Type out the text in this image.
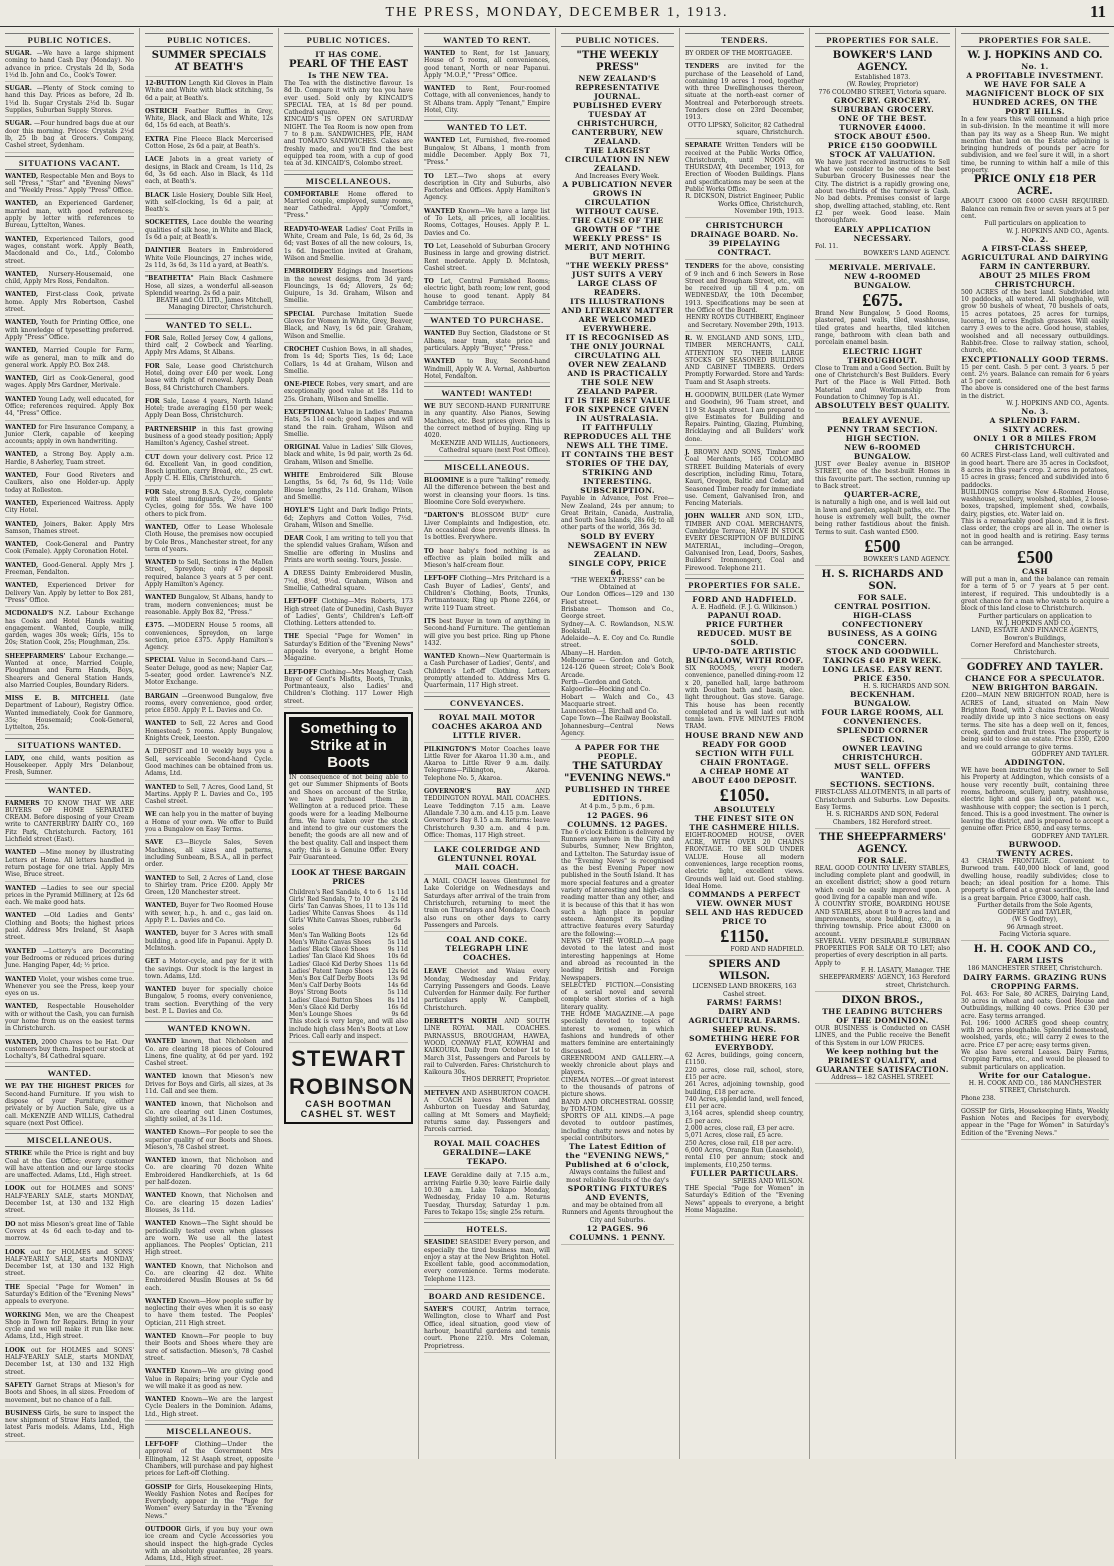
THE PRESS, MONDAY, DECEMBER 1, 1913.	11
PUBLIC NOTICES.

SUGAR. —We have a large shipment coming to hand Cash Day (Monday). No advance in price. Crystals 2d lb, Soda 1½d lb. John and Co., Cook's Tower.

SUGAR. —Plenty of Stock coming to hand this Day. Prices as before, 2d lb. 1½d lb. Sugar Crystals 2½d lb. Sugar Supplies, Suburban Supply Stores.

SUGAR. —Four hundred bags due at our door this morning. Prices: Crystals 2½d lb, 25 lb bag at Grocers. Company, Cashel street, Sydenham.

SITUATIONS VACANT.

WANTED, Respectable Men and Boys to sell "Press," "Star" and "Evening News" and "Weekly Press." Apply "Press" Office.

WANTED, an Experienced Gardener, married man, with good references; apply by letter with references to Bureau, Lyttelton, Wanes.

WANTED, Experienced Tailors, good wages, constant work. Apply Beath, Macdonald and Co., Ltd., Colombo street.

WANTED, Nursery-Housemaid, one child, Apply Mrs Ross, Fendalton.

WANTED, First-class Cook, private home. Apply Mrs Robertson, Cashel street.

WANTED, Youth for Printing Office, one with knowledge of typesetting preferred. Apply "Press" Office.

WANTED, Married Couple for Farm, wife as general, man to milk and do general work. Apply P.O. Box 248.

WANTED, Girl as Cook-General, good wages. Apply Mrs Gardner, Merivale.

WANTED Young Lady, well educated, for Office; references required. Apply Box 44, "Press" Office.

WANTED for Fire Insurance Company, a Junior Clerk, capable of keeping accounts; apply in own handwriting.

WANTED, a Strong Boy. Apply a.m. Hardie, 8 Asherley, Tuam street.

WANTED, Four Good Riveters and Caulkers, also one Holder-up. Apply today at Rolleston.

WANTED, Experienced Waitress. Apply City Hotel.

WANTED, Joiners, Baker. Apply Mrs Samson, Thames street.

WANTED, Cook-General and Pantry Cook (Female). Apply Coronation Hotel.

WANTED, Good-General. Apply Mrs J. Freeman, Fendalton.

WANTED, Experienced Driver for Delivery Van. Apply by letter to Box 281, "Press" Office.

MCDONALD'S N.Z. Labour Exchange has Cooks and Hotel Hands waiting engagement. Wanted, Couple, milk, garden, wages 30s week; Girls, 15s to 20s; Station Cook, 25s; Ploughman, 25s.

SHEEPFARMERS' Labour Exchange.—Wanted at once, Married Couple, Ploughman and Farm Hands, Boys, Shearers and General Station Hands, also Married Couples, Boundary Riders.

MISS E. B. MITCHELL (late Department of Labour), Registry Office. Wanted immediately, Cook for Ganmore, 35s; Housemaid; Cook-General, Lyttelton, 25s.

SITUATIONS WANTED.

LADY, one child, wants position as Housekeeper. Apply Mrs Delanbour, Fresh, Sumner.

WANTED.

FARMERS TO KNOW THAT WE ARE BUYERS OF HOME SEPARATED CREAM. Before disposing of your Cream write to CANTERBURY DAIRY CO., 169 Fitz Park, Christchurch. Factory, 161 Lichfield street (East).

WANTED —Mine money by illustrating Letters at Home. All letters handled in return postage for one trial. Apply Mrs Wise, Bruce street.

WANTED —Ladies to see our special prices in the Pyramid Millinery, at 12s 6d each. We make good hats.

WANTED —Old Ladies and Gents' Clothing and Boots; the highest prices paid. Address Mrs Ireland, St Asaph street.

WANTED —Lottery's are Decorating your Bedrooms or reduced prices during June. Hanging Paper, 4d; ½ price.

WANTED Violet, your wishes come true. Whenever you see the Press, keep your eyes on us.

WANTED, Respectable Householder with or without the Cash, you can furnish your home from us on the easiest terms in Christchurch.

WANTED, 2000 Chaves to be Hat. Our customers buy them. Inspect our stock at Lochalty's, 84 Cathedral square.

WANTED.

WE PAY THE HIGHEST PRICES for Second-hand Furniture. If you wish to dispose of your Furniture, either privately or by Auction Sale, give us a call. McKENZIE AND WILLIS, Cathedral square (next Post Office).

MISCELLANEOUS.

STRIKE while the Price is right and buy Coal at the Gas Office; every customer will have attention and our large stocks are unaffected. Adams, Ltd., High street.

LOOK out for HOLMES and SONS' HALF-YEARLY SALE, starts MONDAY, December 1st, at 130 and 132 High street.

DO not miss Mieson's great line of Table Covers at 4s 6d each to-day and to-morrow.

LOOK out for HOLMES and SONS' HALF-YEARLY SALE, starts MONDAY, December 1st, at 130 and 132 High street.

THE Special "Page for Women" in Saturday's Edition of the "Evening News" appeals to everyone.

WORKING Men, we are the Cheapest Shop in Town for Repairs. Bring in your cycle and we will make it run like new. Adams, Ltd., High street.

LOOK out for HOLMES and SONS' HALF-YEARLY SALE, starts MONDAY, December 1st, at 130 and 132 High street.

SAFETY Garnet Straps at Mieson's for Boots and Shoes, in all sizes. Freedom of movement, but no chance of a fall.

BUSINESS Girls, be sure to inspect the new shipment of Straw Hats landed, the latest Paris models. Adams, Ltd., High street.

PUBLIC NOTICES.
SUMMER SPECIALS AT BEATH'S

12-BUTTON Length Kid Gloves in Plain White and White with black stitching, 5s 6d a pair, at Beath's.

OSTRICH Feather Ruffles in Grey, White, Black, and Black and White, 12s 6d, 15s 6d each, at Beath's.

EXTRA Fine Fleece Black Mercerised Cotton Hose, 2s 6d a pair, at Beath's.

LACE Jabots in a great variety of designs, in Black and Cream, 1s 11d, 2s 6d, 3s 6d each. Also in Black, 4s 11d each, at Beath's.

BLACK Lisle Hosiery, Double Silk Heel, with self-clocking, 1s 6d a pair, at Beath's.

SOCKETTES, Lace double the wearing qualities of silk hose, in White and Black, 1s 6d a pair, at Beath's.

DAINTIER Beaters in Embroidered White Voile Flouncings, 27 inches wide, 2s 11d, 3s 6d, 3s 11d a yard, at Beath's.

"BEATHETTA" Plain Black Cashmere Hose, all sizes, a wonderful all-season Splendid wearing. 2s 6d a pair.

BEATH and CO. LTD., James Mitchell, Managing Director, Christchurch.
WANTED TO SELL.

FOR Sale, Rolled Jersey Cow, 4 gallons, third calf, 2 Cowbeck and Yearling. Apply Mrs Adams, St Albans.

FOR Sale, Lease good Christchurch Hotel, doing over £40 per week. Long lease with right of renewal. Apply Dean Boss, 84 Christchurch Chambers.

FOR Sale, Lease 4 years, North Island Hotel; trade averaging £150 per week; Apply Dean Boss, Christchurch.

PARTNERSHIP in this fast growing business of a good steady position; Apply Hamilton's Agency, Cashel street.

CUT down your delivery cost. Price 12 6d. Excellent Van, in good condition, Bosch ignition, carry Bread, etc., 25 cwt. Apply C. H. Ellis, Christchurch.

FOR Sale, strong B.S.A. Cycle, complete with steel mudguards, 2½d Gents' Cycles, going for 55s. We have 100 others to pick from.

WANTED, Offer to Lease Wholesale Cloth House, the premises now occupied by Cole Bros., Manchester street, for any term of years.

WANTED to Sell, Sections in the Mallen Street, Spreydon; only 47 deposit required, balance 3 years at 5 per cent. Apply Hamilton's Agency.

WANTED Bungalow, St Albans, handy to tram, modern conveniences; must be reasonable. Apply Box 82, "Press."

£375. —MODERN House 5 rooms, all conveniences, Spreydon, on large section, price £375. Apply Hamilton's Agency.

SPECIAL Value in Second-hand Cars.—Seater Deluge, good as new; Napier Car, 5-seater, good order. Lawrence's N.Z. Motor Exchange.

BARGAIN —Greenwood Bungalow, five rooms, every convenience, good order, price £850. Apply P. L. Davies and Co.

WANTED to Sell, 22 Acres and Good Homestead; 5 rooms. Apply Bungalow, Knights Creek, Leeston.

A DEPOSIT and 10 weekly buys you a Sell, serviceable Second-hand Cycle. Good machines can be obtained from us. Adams, Ltd.

WANTED to Sell, 7 Acres, Good Land, St Martins. Apply P. L. Davies and Co., 195 Cashel street.

WE can help you in the matter of buying a Home of your own. We offer to Build you a Bungalow on Easy Terms.

SAVE £3—Bicycle Sales, Seven Machines, all sizes and patterns, including Sunbeam, B.S.A., all in perfect order.

WANTED to Sell, 2 Acres of Land, close to Shirley tram. Price £200. Apply Mr Green, 120 Manchester street.

WANTED, Buyer for Two Roomed House with sewer, h.p., h. and c., gas laid on. Apply P. L. Davies and Co.

WANTED, buyer for 3 Acres with small building, a good life in Papanui. Apply D. McIntosh.

GET a Motor-cycle, and pay for it with the savings. Our stock is the largest in town. Adams, Ltd.

WANTED buyer for specially choice Bungalow, 5 rooms, every convenience, tram section. Everything of the very best. P. L. Davies and Co.

WANTED KNOWN.

WANTED known, that Nicholsen and Co. are clearing 18 pieces of Coloured Linens, fine quality, at 6d per yard. 192 Cashel street.

WANTED known that Mieson's new Drives for Boys and Girls, all sizes, at 3s 11d. Call and see them.

WANTED known, that Nicholson and Co. are clearing out Linen Costumes, slightly soiled, at 3s 11d.

WANTED Known—For people to see the superior quality of our Boots and Shoes. Mieson's, 78 Cashel street.

WANTED known, that Nicholson and Co. are clearing 70 dozen White Embroidered Handkerchiefs, at 1s 6d per half-dozen.

WANTED Known, that Nicholsen and Co. are clearing 15 dozen Ladies' Blouses, 3s 11d.

WANTED Known—The Sight should be periodically tested even when glasses are worn. We use all the latest appliances. The Peoples' Optician, 211 High street.

WANTED Known, that Nicholson and Co. are clearing 42 doz. White Embroidered Muslin Blouses at 5s 6d each.

WANTED Known—How people suffer by neglecting their eyes when it is so easy to have them tested. The Peoples' Optician, 211 High street.

WANTED Known—For people to buy their Boots and Shoes where they are sure of satisfaction. Mieson's, 78 Cashel street.

WANTED Known—We are giving good Value in Repairs; bring your Cycle and we will make it as good as new.

WANTED Known—We are the largest Cycle Dealers in the Dominion. Adams, Ltd., High street.

MISCELLANEOUS.

LEFT-OFF	Clothing—Under the approval of the Government Mrs Ellingham, 12 St Asaph street, opposite Chambers, will purchase and pay highest prices for Left-off Clothing.

GOSSIP for Girls, Housekeeping Hints, Weekly Fashion Notes and Recipes for Everybody, appear in the "Page for Women" every Saturday in the "Evening News."

OUTDOOR Girls, if you buy your own ice cream and Cycle Accessories you should inspect the high-grade Cycles with an absolutely guarantee, 28 years. Adams, Ltd., High street.

PUBLIC NOTICES.
IT HAS COME.
PEARL OF THE EAST
Is THE NEW TEA.
The Tea with the distinctive flavour. 1s 8d lb. Compare it with any tea you have ever used. Sold only by KINCAID'S SPECIAL TEA, at 1s 8d per pound. Cathedral square.
KINCAID'S IS OPEN ON SATURDAY NIGHT. The Tea Room is now open from 7 to 8 p.m. SANDWICHES, PIE, HAM and TOMATO SANDWICHES. Cakes are freshly made, and you'll find the best equipped tea room, with a cup of good tea at 3d. KINCAID'S, Colombo street.
MISCELLANEOUS.

COMFORTABLE Home offered to Married couple, employed, sunny rooms, near Cathedral. Apply "Comfort," "Press."

READY-TO-WEAR Ladies' Coat Frills in White, Cream and Pale, 1s 6d, 2s 6d, 3s 6d; vast Boxes of all the new colours, 1s, 1s 6d. Inspection invited at Graham, Wilson and Smellie.

EMBROIDERY Edgings and Insertions in the newest designs, from 3d yard; Flouncings, 1s 6d; Allovers, 2s 6d; Guipure, 1s 3d. Graham, Wilson and Smellie.

SPECIAL Purchase Imitation Suede Gloves for Women in White, Grey, Beaver, Black, and Navy, 1s 6d pair. Graham, Wilson and Smellie.

CROCHET Cushion Bows, in all shades, from 1s 4d; Sports Ties, 1s 6d; Lace Collars, 1s 4d at Graham, Wilson and Smellie.

ONE-PIECE Robes, very smart, and are exceptionally good value at 18s 11d to 25s. Graham, Wilson and Smellie.

EXCEPTIONAL Value in Ladies' Panama Hats, 5s 11d each; good shapes and will stand the rain. Graham, Wilson and Smellie.

ORIGINAL Value in Ladies' Silk Gloves, black and white, 1s 9d pair, worth 2s 6d. Graham, Wilson and Smellie.

WHITE Embroidered Silk Blouse Lengths, 5s 6d, 7s 6d, 9s 11d; Voile Blouse lengths, 2s 11d. Graham, Wilson and Smellie.

HOYLE'S Light and Dark Indigo Prints, 6d; Zephyrs and Cotton Voiles, 7½d. Graham, Wilson and Smellie.

DEAR Cook, I am writing to tell you that the splendid values Graham, Wilson and Smellie are offering in Muslins and Prints are worth seeing. Yours, Jessie.

A DRESS Dainty Embroidered Muslin, 7½d, 8½d, 9½d. Graham, Wilson and Smellie, Cathedral square.

LEFT-OFF Clothing—Mrs Roberts, 173 High street (late of Dunedin), Cash Buyer of Ladies', Gents', Children's Left-off Clothing. Letters attended to.

THE Special "Page for Women" in Saturday's Edition of the "Evening News" appeals to everyone, a bright Home Magazine.

LEFT-OFF Clothing—Mrs Meagher, Cash Buyer of Gent's Misfits, Boots, Trunks, Portmanteaux, also Ladies' and Children's Clothing. 117 Lower High street.

Something to Strike at in Boots
IN consequence of not being able to get our Summer Shipments of Boots and Shoes on account of the Strike, we have purchased them in Wellington at a reduced price. These goods were for a leading Melbourne firm. We have taken over the stock and intend to give our customers the benefit; the goods are all new and of the best quality. Call and inspect them early; this is a Genuine Offer. Every Pair Guaranteed.
LOOK AT THESE BARGAIN PRICES
Children's Red Sandals, 4 to 6 1s 11d
Girls' Red Sandals, 7 to 10	2s 6d
Girls' Tan Canvas Shoes, 11 to 1 3s 11d
Ladies' White Canvas Shoes 4s 11d
Girls' White Canvas Shoes, rubber soles
3s 6d
Men's Tan Walking Boots	12s 6d
Men's White Canvas Shoes	5s 11d
Ladies' Black Glacé Shoes	9s 11d
Ladies' Tan Glacé Kid Shoes 10s 6d
Ladies' Glacé Kid Derby Shoes 11s 6d
Ladies' Patent Tango Shoes	12s 6d
Men's Box Calf Derby Boots 13s 9d
Men's Calf Derby Boots	14s 6d
Boys' Strong Boots	5s 11d
Ladies' Glacé Button Shoes	8s 11d
Men's Glacé Kid Derby	16s 6d
Men's Lounge Shoes	9s 6d
This stock is very large, and will also include high class Men's Boots at Low Prices. Call early and inspect.
STEWART
ROBINSON
CASH BOOTMAN
CASHEL ST. WEST
WANTED TO RENT.

WANTED to Rent, for 1st January, House of 5 rooms, all conveniences, good tenant, North or near Papanui. Apply "M.O.P.," "Press" Office.

WANTED to Rent, Four-roomed Cottage, with all conveniences, handy to St Albans tram. Apply "Tenant," Empire Hotel, City.

WANTED TO LET.

WANTED Let, Furnished, five-roomed Bungalow, St Albans, 1 month from middle December. Apply Box 71, "Press."

TO LET.—Two shops at every description in City and Suburbs, also Factories and Offices. Apply Hamilton's Agency.

WANTED Known—We have a large list of To Lets, all prices, all localities. Rooms, Cottages, Houses. Apply P. L. Davies and Co.

TO Let, Leasehold of Suburban Grocery Business in large and growing district. Rent moderate. Apply D. McIntosh, Cashel street.

TO Let, Central Furnished Rooms; electric light, bath room; low rent, good house to good tenant. Apply 84 Cambridge terrace.

WANTED TO PURCHASE.

WANTED Buy Section, Gladstone or St Albans, near tram, state price and particulars. Apply "Buyer," "Press."

WANTED to Buy, Second-hand Windmill, Apply W. A. Vernal, Ashburton Hotel, Fendalton.

WANTED! WANTED!

WE BUY SECOND-HAND FURNITURE in any quantity. Also Pianos, Sewing Machines, etc. Best prices given. This is the correct method of buying. Ring up 4020.

McKENZIE AND WILLIS, Auctioneers, Cathedral square (next Post Office).
MISCELLANEOUS.

BLOOMINE is a pure "talking" remedy. All the difference between the best and worst in cleansing your floors. 1s tins. Bloomine Core Sold everywhere.

"DARTON'S BLOSSOM BUD" cure Liver Complaints and Indigestion, etc. An occasional dose prevents illness. In 1s bottles. Everywhere.

TO hear baby's food nothing is as effective as plain boiled milk and Mieson's half-cream flour.

LEFT-OFF Clothing—Mrs Pritchard is a Cash Buyer of Ladies', Gents', and Children's Clothing, Boots, Trunks, Portmanteaux; Ring up Phone 2264, or write 119 Tuam street.

ITS best Buyer in town of anything in Second-hand Furniture. The gentleman will give you best price. Ring up Phone 1432.

WANTED Known—New Quartermain is a Cash Purchaser of Ladies', Gents', and Children's Left-off Clothing. Letters promptly attended to. Address Mrs G. Quartermain, 117 High street.

CONVEYANCES.
ROYAL MAIL MOTOR COACHES AKAROA AND LITTLE RIVER.

PILKINGTON'S Motor Coaches leave Little River for Akaroa 11.30 a.m., and Akaroa to Little River 9 a.m. daily. Telegrams—Pilkington, Akaroa. Telephone No. 5, Akaroa.

GOVERNOR'S BAY	AND TEDDINGTON ROYAL MAIL COACHES. Leave Teddington 7.15 a.m. Leave Allandale 7.30 a.m. and 4.15 p.m. Leave Governor's Bay 8.15 a.m. Returns: leave Christchurch 9.30 a.m. and 4 p.m. Office: Thomas, 117 High street.

LAKE COLERIDGE AND GLENTUNNEL ROYAL MAIL COACH.

A MAIL COACH leaves Glentunnel for Lake Coleridge on Wednesdays and Saturdays after arrival of the train from Christchurch, returning to meet the train on Thursdays and Mondays. Coach also runs on other days to carry Passengers and Parcels.

COAL AND COKE. TELEGRAPH LINE COACHES.

LEAVE Cheviot and Waiau every Monday, Wednesday and Friday. Carrying Passengers and Goods. Leave Culverden for Hanmer daily. For further particulars apply W. Campbell, Christchurch.

DERRETT'S NORTH AND SOUTH LINE ROYAL MAIL COACHES. PARNASSUS, BROUGHAM, HAWEA, WOOD, CONWAY FLAT, KOWHAI and KAIKOURA. Daily from October 1st to March 31st, Passengers and Parcels by rail to Culverden. Fares: Christchurch to Kaikoura 30s.

THOS DERRETT, Proprietor.

METEVEN AND ASHBURTON COACH. A COACH leaves Methven and Ashburton on Tuesday and Saturday, calling at Mt Somers and Mayfield; returns same day. Passengers and Parcels carried.

ROYAL MAIL COACHES GERALDINE—LAKE TEKAPO.

LEAVE Geraldine daily at 7.15 a.m., arriving Fairlie 9.30; leave Fairlie daily 10.30 a.m. Lake Tekapo Monday, Wednesday, Friday 10 a.m. Returns Tuesday, Thursday, Saturday 1 p.m. Fares to Tekapo 15s; single 25s return.

HOTELS.

SEASIDE! SEASIDE! Every person, and especially the tired business man, will enjoy a stay at the New Brighton Hotel. Excellent table, good accommodation, every convenience. Terms moderate. Telephone 1123.

BOARD AND RESIDENCE.

SAYER'S COURT, Antrim terrace, Wellington, close to Wharf and Post Office, ideal situation, good view of harbour, beautiful gardens and tennis court. Phone 2210. Mrs Coleman, Proprietress.

PUBLIC NOTICES.
"THE WEEKLY PRESS"
NEW ZEALAND'S REPRESENTATIVE JOURNAL.
PUBLISHED EVERY TUESDAY AT CHRISTCHURCH, CANTERBURY, NEW ZEALAND.
THE LARGEST CIRCULATION IN NEW ZEALAND.
And Increases Every Week.
A PUBLICATION NEVER GROWS IN CIRCULATION WITHOUT CAUSE.
THE CAUSE OF THE GROWTH OF "THE WEEKLY PRESS" IS MERIT, AND NOTHING BUT MERIT.
"THE WEEKLY PRESS" JUST SUITS A VERY LARGE CLASS OF READERS.
ITS ILLUSTRATIONS AND LITERARY MATTER ARE WELCOMED EVERYWHERE.
IT IS RECOGNISED AS THE ONLY JOURNAL CIRCULATING ALL OVER NEW ZEALAND AND IS PRACTICALLY THE SOLE NEW ZEALAND PAPER.
IT IS THE BEST VALUE FOR SIXPENCE GIVEN IN AUSTRALASIA.
IT FAITHFULLY REPRODUCES ALL THE NEWS ALL THE TIME.
IT CONTAINS THE BEST STORIES OF THE DAY, STRIKING AND INTERESTING.
SUBSCRIPTION.
Payable in Advance, Post Free— New Zealand, 24s per annum; to Great Britain, Canada, Australia, and South Sea Islands, 28s 6d; to all other parts of the world, 36s 3d.
SOLD BY EVERY NEWSAGENT IN NEW ZEALAND.
SINGLE COPY, PRICE 6d.
"THE WEEKLY PRESS" can be Obtained at
Our London Offices—129 and 130 Fleet street.
Brisbane — Thomson and Co., George street.
Sydney—A. C. Rowlandson, N.S.W. Bookstall.
Adelaide—A. E. Coy and Co. Rundle street.
Albany—H. Harden.
Melbourne — Gordon and Gotch, 124-126 Queen street; Cole's Book Arcade.
Perth—Gordon and Gotch.
Kalgoorlie—Hocking and Co.
Hobart — Walch and Co., 43 Macquarie street.
Launceston—J. Birchall and Co.
Cape Town—The Railway Bookstall.
Johannesburg—Central News Agency.
A PAPER FOR THE PEOPLE.
THE SATURDAY "EVENING NEWS."
PUBLISHED IN THREE EDITIONS.
At 4 p.m., 5 p.m., 6 p.m.
12 PAGES. 96 COLUMNS. 12 PAGES.
The 6 o'clock Edition is delivered by Runners anywhere in the City and Suburbs, Sumner, New Brighton, and Lyttelton. The Saturday issue of the "Evening News" is recognised as the best Evening Paper now published in the South Island. It has more special features and a greater variety of interesting and high-class reading matter than any other, and it is because of this that it has won such a high place in popular esteem. Amongst its leading attractive features every Saturday are the following:—
NEWS OF THE WORLD.—A page devoted to the latest and most interesting happenings at Home and abroad as recounted in the leading British and Foreign Newspapers.
SELECTED FICTION.—Consisting of a serial novel and several complete short stories of a high literary quality.
THE HOME MAGAZINE.—A page specially devoted to topics of interest to women, in which fashions and hundreds of other matters feminine are entertainingly discussed.
GREENROOM AND GALLERY.—A weekly chronicle about plays and players.
CINEMA NOTES.—Of great interest to the thousands of patrons of picture shows.
BAND AND ORCHESTRAL GOSSIP, by TOM-TOM.
SPORTS OF ALL KINDS.—A page devoted to outdoor pastimes, including chatty news and notes by special contributors.
The Latest Edition of the "EVENING NEWS," Published at 6 o'clock,
Always contains the fullest and most reliable Results of the day's
SPORTING FIXTURES AND EVENTS,
and may be obtained from all Runners and Agents throughout the City and Suburbs.
12 PAGES. 96 COLUMNS. 1 PENNY.
TENDERS.
BY ORDER OF THE MORTGAGEE.

TENDERS are invited for the purchase of the Leasehold of Land, containing 19 acres 1 rood, together with three Dwellinghouses thereon, situate at the north-east corner of Montreal and Peterborough streets. Tenders close on 23rd December, 1913.

OTTO LIPSKY, Solicitor, 82 Cathedral square, Christchurch.

SEPARATE Written Tenders will be received at the Public Works Office, Christchurch, until NOON on THURSDAY, 4th December, 1913, for Erection of Wooden Buildings. Plans and specifications may be seen at the Public Works Office.

R. DICKSON, District Engineer, Public Works Office, Christchurch, November 19th, 1913.
CHRISTCHURCH DRAINAGE BOARD. No. 39 PIPELAYING CONTRACT.

TENDERS for the above, consisting of 9 inch and 6 inch Sewers in Rose Street and Brougham Street, etc., will be received up till 4 p.m. on WEDNESDAY, the 10th December, 1913. Specifications may be seen at the Office of the Board.

HENRY ROYDS CUTHBERT, Engineer and Secretary. November 29th, 1913.

R. W. ENGLAND AND SONS, LTD., TIMBER MERCHANTS, CALL ATTENTION TO THEIR LARGE STOCKS OF SEASONED BUILDING AND CABINET TIMBERS. Orders Promptly Forwarded. Store and Yards: Tuam and St Asaph streets.

H. GOODWIN, BUILDER (Late Wymer and Goodwin), 96 Tuam street, and 119 St Asaph street. I am prepared to give Estimates for Building and Repairs. Painting, Glazing, Plumbing, Bricklaying and all Builders' work done.

J. BROWN AND SONS, Timber and Coal Merchants, 165 COLOMBO STREET. Building Materials of every description, including Rimu, Totara, Kauri, Oregon, Baltic and Cedar, and Seasoned Timber ready for immediate use. Cement, Galvanised Iron, and Fencing Materials.

JOHN WALLER AND SON, LTD., TIMBER AND COAL MERCHANTS, Cambridge Terrace, HAVE IN STOCK EVERY DESCRIPTION OF BUILDING MATERIAL, including—Oregon, Galvanised Iron, Lead, Doors, Sashes, Builders' Ironmongery, Coal and Firewood. Telephone 211.

PROPERTIES FOR SALE.
FORD AND HADFIELD.
A. E. Hadfield. (F. J. G. Wilkinson.)
PAPANUI ROAD.
PRICE FURTHER REDUCED. MUST BE SOLD.
UP-TO-DATE ARTISTIC BUNGALOW, WITH ROOF.
SIX ROOMS, every modern convenience, panelled dining-room 12 x 20, panelled hall, large bathroom with Doulton bath and basin, elec. light throughout. Gas stove. Garage. This house has been recently completed and is well laid out with tennis lawn. FIVE MINUTES FROM TRAM.
HOUSE BRAND NEW AND READY FOR GOOD SECTION WITH FULL CHAIN FRONTAGE.
A CHEAP HOME AT ABOUT £400 DEPOSIT.
£1050.
ABSOLUTELY
THE FINEST SITE ON THE CASHMERE HILLS.
EIGHT-ROOMED HOUSE, OVER ACRE, WITH OVER 20 CHAINS FRONTAGE. TO BE SOLD UNDER VALUE. House all modern conveniences, large reception rooms, electric light, excellent views. Grounds well laid out. Good stabling. Ideal Home.
COMMANDS A PERFECT VIEW. OWNER MUST SELL AND HAS REDUCED PRICE TO
£1150.
FORD AND HADFIELD.
SPIERS AND WILSON.
LICENSED LAND BROKERS, 163 Cashel street.
FARMS! FARMS!
DAIRY AND AGRICULTURAL FARMS. SHEEP RUNS.
SOMETHING HERE FOR EVERYBODY.
62 Acres, buildings, going concern, £1150.
220 acres, close rail, school, store, £15 per acre.
261 Acres, adjoining township, good building, £18 per acre.
740 Acres, splendid land, well fenced, £11 per acre.
3,164 acres, splendid sheep country, £5 per acre.
2,000 acres, close rail, £3 per acre.
5,071 Acres, close rail, £5 acre.
250 Acres, close rail, £18 per acre.
6,000 Acres, Orange Run (Leasehold), rental £10 per annum; stock and implements, £10,250 terms.
FULLER PARTICULARS.
SPIERS AND WILSON.
THE Special "Page for Women" in Saturday's Edition of the "Evening News" appeals to everyone, a bright Home Magazine.
PROPERTIES FOR SALE.
BOWKER'S LAND AGENCY.
Established 1873.
(W. Rowley, Proprietor)
776 COLOMBO STREET, Victoria square.
GROCERY. GROCERY.
SUBURBAN GROCERY.
ONE OF THE BEST.
TURNOVER £4000.
STOCK ABOUT £500.
PRICE £150 GOODWILL STOCK AT VALUATION.
We have just received instructions to Sell what we consider to be one of the best Suburban Grocery Businesses near the City. The district is a rapidly growing one, about two-thirds of the turnover is Cash. No bad debts. Premises consist of large shop, dwelling attached, stabling, etc. Rent £2 per week. Good lease. Main thoroughfare.
EARLY APPLICATION NECESSARY.
Fol. 11.
BOWKER'S LAND AGENCY.
MERIVALE. MERIVALE.
NEW 4-ROOMED BUNGALOW.
£675.
Brand New Bungalow, 5 Good Rooms, plastered, panel walls, tiled, washhouse, tiled grates and hearths, tiled kitchen range, bathroom with clean bath and porcelain enamel basin.
ELECTRIC LIGHT THROUGHOUT.
Close to Tram and a Good Section. Built by one of Christchurch's Best Builders. Every Part of the Place is Well Fitted. Both Material and Workmanship from Foundation to Chimney Top is A1.
ABSOLUTELY BEST QUALITY.
BEALEY AVENUE.
PENNY TRAM SECTION.
HIGH SECTION.
NEW 6-ROOMED BUNGALOW.
JUST over Bealey avenue in BISHOP STREET, one of the best-built Homes in this favourite part. The section, running up to Back street.
QUARTER-ACRE,
is naturally a high one, and is well laid out in lawn and garden, asphalt paths, etc. The house is extremely well built, the owner being rather fastidious about the finish. Terms to suit. Cash wanted £500.
£500
BOWKER'S LAND AGENCY.
H. S. RICHARDS AND SON.
FOR SALE.
CENTRAL POSITION.
HIGH-CLASS CONFECTIONERY BUSINESS, AS A GOING CONCERN.
STOCK AND GOODWILL.
TAKINGS £40 PER WEEK.
LONG LEASE. EASY RENT.
PRICE £350.
H. S. RICHARDS AND SON.
BECKENHAM.
BUNGALOW.
FOUR LARGE ROOMS, ALL CONVENIENCES.
SPLENDID CORNER SECTION.
OWNER LEAVING CHRISTCHURCH.
MUST SELL. OFFERS WANTED.
SECTIONS. SECTIONS.
FIRST-CLASS ALLOTMENTS, in all parts of Christchurch and Suburbs. Low Deposits. Easy Terms.
H. S. RICHARDS AND SON, Federal Chambers, 182 Hereford street.
THE SHEEPFARMERS' AGENCY.
FOR SALE.
REAL GOOD COUNTRY LIVERY STABLES, including complete plant and goodwill, in an excellent district; show a good return which could be easily improved upon. A good living for a capable man and wife.
A COUNTRY STORE, BOARDING HOUSE AND STABLES, about 8 to 9 acres land and improvements, store building, etc., in a thriving township. Price about £3000 on account.
SEVERAL VERY DESIRABLE SUBURBAN PROPERTIES FOR SALE OR TO LET; also properties of every description in all parts.
Apply to
F. H. LASATY, Manager. THE SHEEPFARMERS' AGENCY, 163 Hereford street, Christchurch.
DIXON BROS.,
THE LEADING BUTCHERS OF THE DOMINION.
OUR BUSINESS is Conducted on CASH LINES, and the Public receive the Benefit of this System in our LOW PRICES.
We keep nothing but the PRIMEST QUALITY, and GUARANTEE SATISFACTION.
Address— 182 CASHEL STREET.
PROPERTIES FOR SALE.
W. J. HOPKINS AND CO.
No. 1.
A PROFITABLE INVESTMENT.
WE HAVE FOR SALE A MAGNIFICENT BLOCK OF SIX HUNDRED ACRES, ON THE PORT HILLS.
In a few years this will command a high price in sub-division. In the meantime it will more than pay its way as a Sheep Run. We might mention that land on the Estate adjoining is bringing hundreds of pounds per acre for subdivision, and we feel sure it will, in a short time, be running to within half a mile of this property.
PRICE ONLY £18 PER ACRE.
ABOUT £3000 OR £4000 CASH REQUIRED. Balance can remain five or seven years at 5 per cent.
Full particulars on application to
W. J. HOPKINS AND CO., Agents.
No. 2.
A FIRST-CLASS SHEEP, AGRICULTURAL AND DAIRYING FARM IN CANTERBURY.
ABOUT 25 MILES FROM CHRISTCHURCH.
500 ACRES of the best land. Subdivided into 10 paddocks, all watered. All ploughable, will grow 50 bushels of wheat, 70 bushels of oats, 15 acres potatoes, 25 acres for turnips, lucerne, 10 acres English grasses. Will easily carry 3 ewes to the acre. Good house, stables, woolshed and all necessary outbuildings. Rabbit-free. Close to railway station, school, church, etc.
EXCEPTIONALLY GOOD TERMS.
15 per cent. Cash. 5 per cent. 3 years. 5 per cent. 2½ years. Balance can remain for 6 years at 5 per cent.
The above is considered one of the best farms in the district.
W. J. HOPKINS AND CO., Agents.
No. 3.
A SPLENDID FARM.
SIXTY ACRES.
ONLY 1 OR 8 MILES FROM CHRISTCHURCH.
60 ACRES First-class Land, well cultivated and in good heart. There are 35 acres in Cocksfoot, 8 acres in this year's crop. 2 acres in potatoes, 15 acres in grass; fenced and subdivided into 6 paddocks.
BUILDINGS comprise New 4-Roomed House, washhouse, scullery, woolshed, stables, 2 loose-boxes, trapshed, implement shed, cowbails, dairy, pigsties, etc. Water laid on.
This is a remarkably good place, and it is first-class order, the crops are all in. The owner is not in good health and is retiring. Easy terms can be arranged.
£500
CASH
will put a man in, and the balance can remain for a term of 5 or 7 years at 5 per cent. interest, if required. This undoubtedly is a great chance for a man who wants to acquire a block of this land close to Christchurch.
Further particulars on application to
W. J. HOPKINS AND CO.,
LAND, ESTATE AND FINANCE AGENTS,
Bowron's Buildings,
Corner Hereford and Manchester streets, Christchurch.
GODFREY AND TAYLER.
CHANCE FOR A SPECULATOR.
NEW BRIGHTON BARGAIN.
£200—MAIN NEW BRIGHTON ROAD, here is ACRES of Land, situated on Main New Brighton Road, with 2 chains frontage. Would readily divide up into 3 nice sections on easy terms. The site has a deep well on it, fences, creek, garden and fruit trees. The property is being sold to close an estate. Price £350, £200 and we could arrange to give terms.
GODFREY AND TAYLER.
ADDINGTON.
WE have been instructed by the owner to Sell his Property at Addington, which consists of a house very recently built, containing three rooms, bathroom, scullery, pantry, washhouse, electric light and gas laid on, patent w.c., washhouse with copper; the section is 1 perch, fenced. This is a good investment. The owner is leaving the district, and is prepared to accept a genuine offer. Price £850, and easy terms.
GODFREY AND TAYLER.
BURWOOD.
TWENTY ACRES.
43 CHAINS FRONTAGE. Convenient to Burwood tram. £40,000 block of land, good dwelling house, readily subdivides; close to beach; an ideal position for a home. This property is offered at a great sacrifice, the land is a great bargain. Price £3000, half cash.
Further details from the Sole Agents,
GODFREY and TAYLER,
(W S Godfrey),
96 Armagh street.
Facing Victoria square.
H. H. COOK AND CO.,
FARM LISTS
186 MANCHESTER STREET, Christchurch.
DAIRY FARMS. GRAZING RUNS CROPPING FARMS.
Fol. 463: For Sale, 80 ACRES, Dairying Land, 30 acres in wheat and oats; Good House and Outbuildings, milking 40 cows. Price £30 per acre. Easy terms arranged.
Fol. 196: 1000 ACRES good sheep country, with 20 acres ploughable. Splendid homestead, woolshed, yards, etc.; will carry 2 ewes to the acre. Price £7 per acre; easy terms given.
We also have several Leases. Dairy Farms, Cropping Farms, etc., and would be pleased to submit particulars on application.
Write for our Catalogue.
H. H. COOK AND CO., 186 MANCHESTER STREET, Christchurch.
Phone 238.
GOSSIP for Girls, Housekeeping Hints, Weekly Fashion Notes and Recipes for everybody, appear in the "Page for Women" in Saturday's Edition of the "Evening News."
